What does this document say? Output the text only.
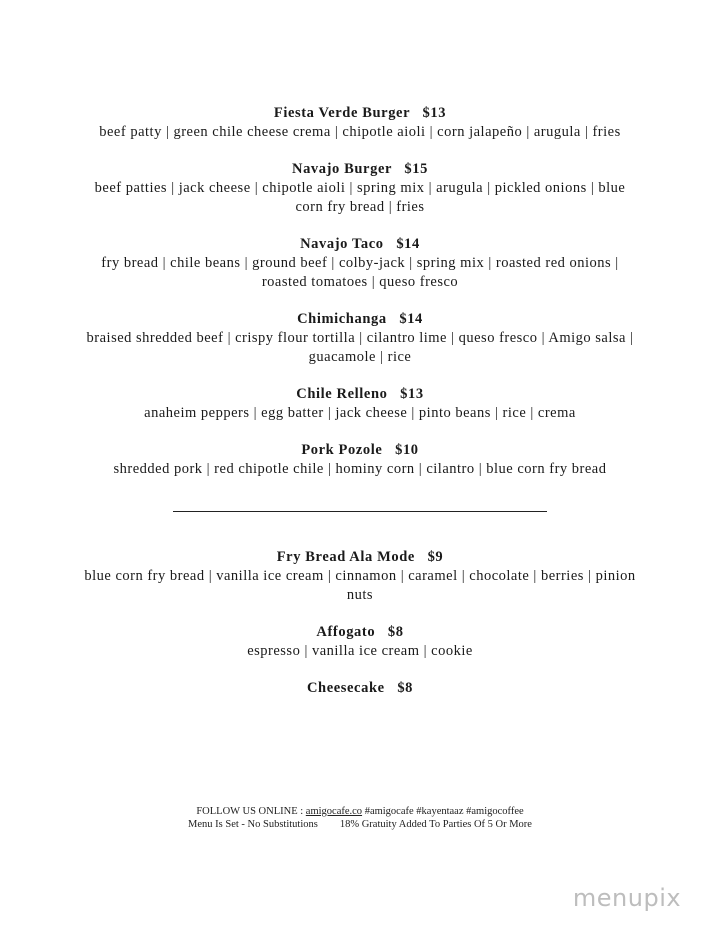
Fiesta Verde Burger   $13
beef patty | green chile cheese crema | chipotle aioli | corn jalapeño | arugula | fries
Navajo Burger   $15
beef patties | jack cheese | chipotle aioli | spring mix | arugula | pickled onions | blue corn fry bread | fries
Navajo Taco   $14
fry bread | chile beans | ground beef | colby-jack | spring mix | roasted red onions | roasted tomatoes | queso fresco
Chimichanga   $14
braised shredded beef | crispy flour tortilla | cilantro lime | queso fresco | Amigo salsa | guacamole | rice
Chile Relleno   $13
anaheim peppers | egg batter | jack cheese | pinto beans | rice | crema
Pork Pozole   $10
shredded pork | red chipotle chile | hominy corn | cilantro | blue corn fry bread
Fry Bread Ala Mode   $9
blue corn fry bread | vanilla ice cream | cinnamon | caramel | chocolate | berries | pinion nuts
Affogato   $8
espresso | vanilla ice cream | cookie
Cheesecake   $8
FOLLOW US ONLINE : amigocafe.co #amigocafe #kayentaaz #amigocoffee
Menu Is Set - No Substitutions 18% Gratuity Added To Parties Of 5 Or More
menupix
